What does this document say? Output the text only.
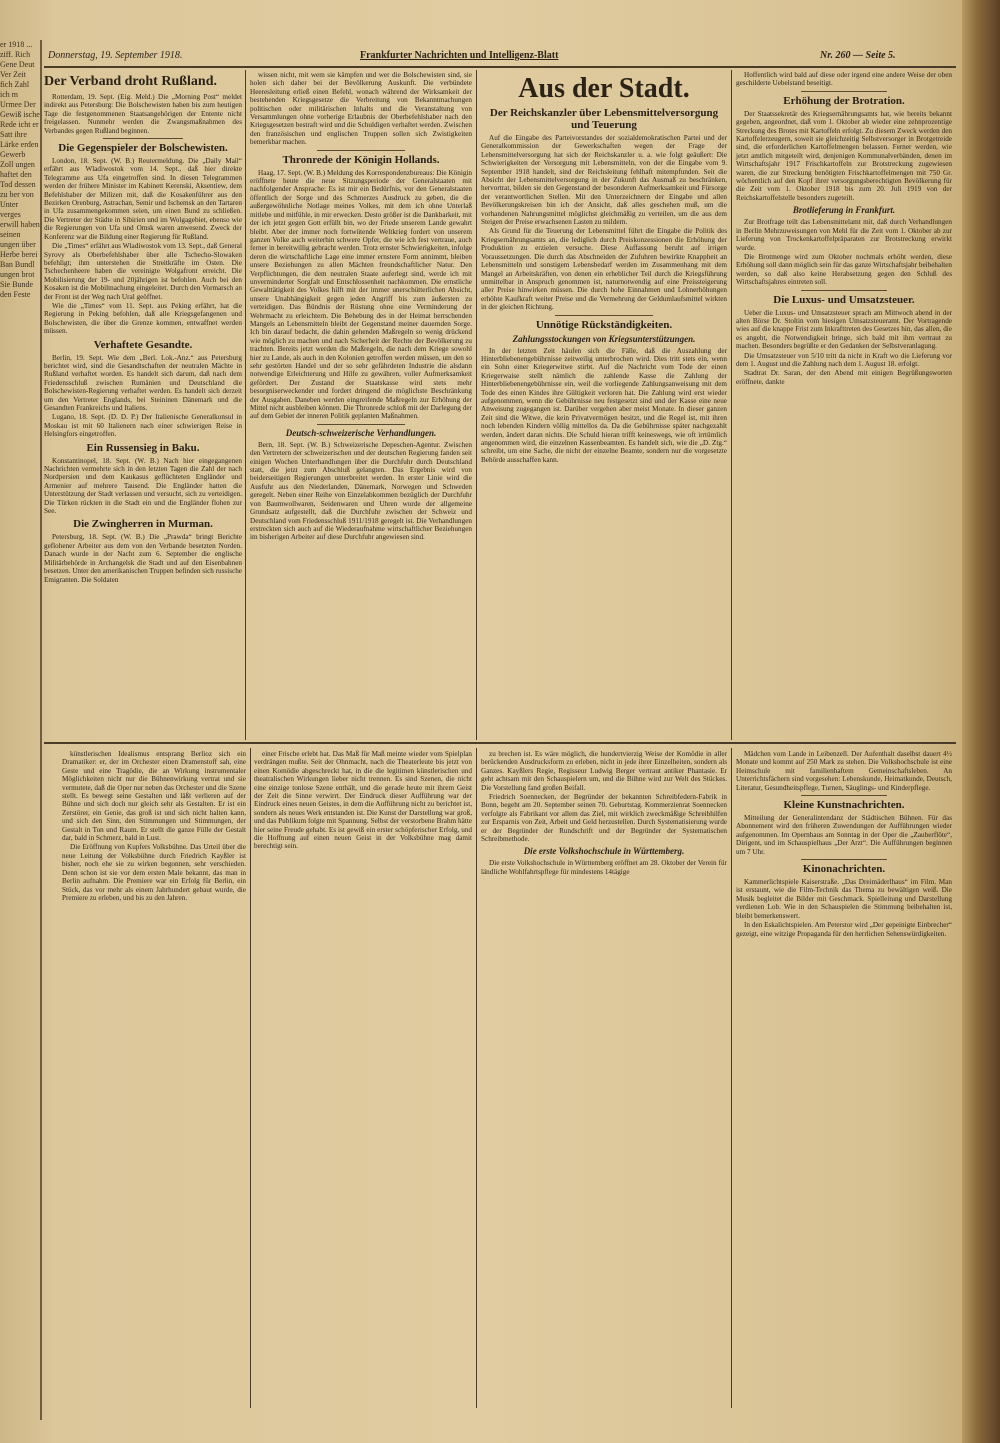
er 1918 ... ziff. Rich Gene Deut Ver Zeit fich Zahl ich m Urmee Der Gewiß ische Rede icht er Satt ihre Lärke erden Gewerb Zoll ungen haftet den Tod dessen zu ber von Unter verges erwill haben seinen ungen über Herbe berei Ban Bundl ungen brot Sie Bunde den Feste
Donnerstag, 19. September 1918.	Frankfurter Nachrichten und Intelligenz-Blatt	Nr. 260 — Seite 5.
Der Verband droht Rußland.

Rotterdam, 19. Sept. (Eig. Meld.) Die „Morning Post“ meldet indirekt aus Petersburg: Die Bolschewisten haben bis zum heutigen Tage die festgenommenen Staatsangehörigen der Entente nicht freigelassen. Nunmehr werden die Zwangsmaßnahmen des Verbandes gegen Rußland beginnen.

Die Gegenspieler der Bolschewisten.

London, 18. Sept. (W. B.) Reutermeldung. Die „Daily Mail“ erfährt aus Wladiwostok vom 14. Sept., daß hier direkte Telegramme aus Ufa eingetroffen sind. In diesen Telegrammen werden der frühere Minister im Kabinett Kerenski, Aksentiew, dem Befehlshaber der Milizen mit, daß die Kosakenführer aus den Bezirken Orenburg, Astrachan, Semir und Ischemsk an den Tartaren in Ufa zusammengekommen seien, um einen Bund zu schließen. Die Vertreter der Städte in Sibirien und im Wolgagebiet, ebenso wie die Regierungen von Ufa und Omsk waren anwesend. Zweck der Konferenz war die Bildung einer Regierung für Rußland.

Die „Times“ erfährt aus Wladiwostok vom 13. Sept., daß General Syrovy als Oberbefehlshaber über alle Tschecho-Slowaken befehligt; ihm unterstehen die Streitkräfte im Osten. Die Tschechenheere haben die vereinigte Wolgafront erreicht. Die Mobilisierung der 19- und 20jährigen ist befohlen. Auch bei den Kosaken ist die Mobilmachung eingeleitet. Durch den Vormarsch an der Front ist der Weg nach Ural geöffnet.

Wie die „Times“ vom 11. Sept. aus Peking erfährt, hat die Regierung in Peking befohlen, daß alle Kriegsgefangenen und Bolschewisten, die über die Grenze kommen, entwaffnet werden müssen.

Verhaftete Gesandte.

Berlin, 19. Sept. Wie dem „Berl. Lok.-Anz.“ aus Petersburg berichtet wird, sind die Gesandtschaften der neutralen Mächte in Rußland verhaftet worden. Es handelt sich darum, daß nach dem Friedensschluß zwischen Rumänien und Deutschland die Bolschewisten-Regierung verhaftet werden. Es handelt sich derzeit um den Vertreter Englands, bei Steininen Dänemark und die Gesandten Frankreichs und Italiens.

Lugano, 18. Sept. (D. D. P.) Der Italienische Generalkonsul in Moskau ist mit 60 Italienern nach einer schwierigen Reise in Helsingfors eingetroffen.

Ein Russensieg in Baku.

Konstantinopel, 18. Sept. (W. B.) Nach hier eingegangenen Nachrichten vermehrte sich in den letzten Tagen die Zahl der nach Nordpersien und dem Kaukasus geflüchteten Engländer und Armenier auf mehrere Tausend. Die Engländer hatten die Unterstützung der Stadt verlassen und versucht, sich zu verteidigen. Die Türken rückten in die Stadt ein und die Engländer flohen zur See.

Die Zwingherren in Murman.

Petersburg, 18. Sept. (W. B.) Die „Prawda“ bringt Berichte geflohener Arbeiter aus dem von den Verbande besetzten Norden. Danach wurde in der Nacht zum 6. September die englische Militärbehörde in Archangelsk die Stadt und auf den Eisenbahnen besetzen. Unter den amerikanischen Truppen befinden sich russische Emigranten. Die Soldaten

wissen nicht, mit wem sie kämpfen und wer die Bolschewisten sind, sie holen sich daher bei der Bevölkerung Auskunft. Die verbündete Heeresleitung erließ einen Befehl, wonach während der Wirksamkeit der bestehenden Kriegsgesetze die Verbreitung von Bekanntmachungen politischen oder militärischen Inhalts und die Veranstaltung von Versammlungen ohne vorherige Erlaubnis der Oberbefehlshaber nach den Kriegsgesetzen bestraft wird und die Schuldigen verhaftet werden. Zwischen den französischen und englischen Truppen sollen sich Zwistigkeiten bemerkbar machen.

Thronrede der Königin Hollands.

Haag, 17. Sept. (W. B.) Meldung des Korrespondenzbureaus: Die Königin eröffnete heute die neue Sitzungsperiode der Generalstaaten mit nachfolgender Ansprache: Es ist mir ein Bedürfnis, vor den Generalstaaten öffentlich der Sorge und des Schmerzes Ausdruck zu geben, die die außergewöhnliche Notlage meines Volkes, mit dem ich ohne Unterlaß mitlebe und mitfühle, in mir erwecken. Desto größer ist die Dankbarkeit, mit der ich jetzt gegen Gott erfüllt bin, wo der Friede unserem Lande gewahrt bleibt. Aber der immer noch fortwütende Weltkrieg fordert von unserem ganzen Volke auch weiterhin schwere Opfer, die wie ich fest vertraue, auch ferner in bereitwillig gebracht werden. Trotz ernster Schwierigkeiten, infolge deren die wirtschaftliche Lage eine immer ernstere Form annimmt, bleiben unsere Beziehungen zu allen Mächten freundschaftlicher Natur. Den Verpflichtungen, die dem neutralen Staate auferlegt sind, werde ich mit unverminderter Sorgfalt und Entschlossenheit nachkommen. Die ernstliche Gewalttätigkeit des Volkes hilft mit der immer unerschütterlichen Absicht, unsere Unabhängigkeit gegen jeden Angriff bis zum äußersten zu verteidigen. Das Bündnis der Rüstung ohne eine Verminderung der Wehrmacht zu erleichtern. Die Behebung des in der Heimat herrschenden Mangels an Lebensmitteln bleibt der Gegenstand meiner dauernden Sorge. Ich bin darauf bedacht, die dahin gehenden Maßregeln so wenig drückend wie möglich zu machen und nach Sicherheit der Rechte der Bevölkerung zu trachten. Bereits jetzt werden die Maßregeln, die nach dem Kriege sowohl hier zu Lande, als auch in den Kolonien getroffen werden müssen, um den so sehr gestörten Handel und der so sehr gefährdeten Industrie die alsdann notwendige Erleichterung und Hilfe zu gewähren, voller Aufmerksamkeit gefördert. Der Zustand der Staatskasse wird stets mehr besorgniserweckender und fordert dringend die möglichste Beschränkung der Ausgaben. Daneben werden eingreifende Maßregeln zur Erhöhung der Mittel nicht ausbleiben können. Die Thronrede schloß mit der Darlegung der auf dem Gebiet der inneren Politik geplanten Maßnahmen.

Deutsch-schweizerische Verhandlungen.

Bern, 18. Sept. (W. B.) Schweizerische Depeschen-Agentur. Zwischen den Vertretern der schweizerischen und der deutschen Regierung fanden seit einigen Wochen Unterhandlungen über die Durchfuhr durch Deutschland statt, die jetzt zum Abschluß gelangten. Das Ergebnis wird von beiderseitigen Regierungen unterbreitet werden. In erster Linie wird die Ausfuhr aus den Niederlanden, Dänemark, Norwegen und Schweden geregelt. Neben einer Reihe von Einzelabkommen bezüglich der Durchfuhr von Baumwollwaren, Seidenwaren und Uhren wurde der allgemeine Grundsatz aufgestellt, daß die Durchfuhr zwischen der Schweiz und Deutschland vom Friedensschluß 1911/1918 geregelt ist. Die Verhandlungen erstreckten sich auch auf die Wiederaufnahme wirtschaftlicher Beziehungen im bisherigen Arbeiter auf diese Durchfuhr angewiesen sind.

Aus der Stadt.
Der Reichskanzler über Lebensmittelversorgung und Teuerung

Auf die Eingabe des Parteivorstandes der sozialdemokratischen Partei und der Generalkommission der Gewerkschaften wegen der Frage der Lebensmittelversorgung hat sich der Reichskanzler u. a. wie folgt geäußert: Die Schwierigkeiten der Versorgung mit Lebensmitteln, von der die Eingabe vom 9. September 1918 handelt, sind der Reichsleitung fehlhaft mitempfunden. Seit die Absicht der Lebensmittelversorgung in der Zukunft das Ausmaß zu beschränken, hervortrat, bilden sie den Gegenstand der besonderen Aufmerksamkeit und Fürsorge der verantwortlichen Stellen. Mit den Unterzeichnern der Eingabe und allen Bevölkerungskreisen bin ich der Ansicht, daß alles geschehen muß, um die vorhandenen Nahrungsmittel möglichst gleichmäßig zu verteilen, um die aus dem Steigen der Preise erwachsenen Lasten zu mildern.

Als Grund für die Teuerung der Lebensmittel führt die Eingabe die Politik des Kriegsernährungsamts an, die lediglich durch Preiskonzessionen die Erhöhung der Produktion zu erzielen versuche. Diese Auffassung beruht auf irrigen Voraussetzungen. Die durch das Abschneiden der Zufuhren bewirkte Knappheit an Lebensmitteln und sonstigem Lebensbedarf werden im Zusammenhang mit dem Mangel an Arbeitskräften, von denen ein erheblicher Teil durch die Kriegsführung unmittelbar in Anspruch genommen ist, naturnotwendig auf eine Preissteigerung aller Preise hinwirken müssen. Die durch hohe Einnahmen und Lohnerhöhungen erhöhte Kaufkraft weiter Preise und die Vermehrung der Geldumlaufsmittel wirkten in der gleichen Richtung.

Unnötige Rückständigkeiten.
Zahlungsstockungen von Kriegsunterstützungen.

In der letzten Zeit häufen sich die Fälle, daß die Auszahlung der Hinterbliebenengebührnisse zeitweilig unterbrochen wird. Dies tritt stets ein, wenn ein Sohn einer Kriegerwitwe stirbt. Auf die Nachricht vom Tode der einen Kriegerwaise stellt nämlich die zahlende Kasse die Zahlung der Hinterbliebenengebührnisse ein, weil die vorliegende Zahlungsanweisung mit dem Tode des einen Kindes ihre Gültigkeit verloren hat. Die Zahlung wird erst wieder aufgenommen, wenn die Gebührnisse neu festgesetzt sind und der Kasse eine neue Anweisung zugegangen ist. Darüber vergehen aber meist Monate. In dieser ganzen Zeit sind die Witwe, die kein Privatvermögen besitzt, und die Regel ist, mit ihren noch lebenden Kindern völlig mittellos da. Da die Gebührnisse später nachgezahlt werden, ändert daran nichts. Die Schuld hieran trifft keineswegs, wie oft irrtümlich angenommen wird, die einzelnen Kassenbeamten. Es handelt sich, wie die „D. Ztg.“ schreibt, um eine Sache, die nicht der einzelne Beamte, sondern nur die vorgesetzte Behörde ausschaffen kann.

Hoffentlich wird bald auf diese oder irgend eine andere Weise der oben geschilderte Uebelstand beseitigt.

Erhöhung der Brotration.

Der Staatssekretär des Kriegsernährungsamts hat, wie bereits bekannt gegeben, angeordnet, daß vom 1. Oktober ab wieder eine zehnprozentige Streckung des Brotes mit Kartoffeln erfolgt. Zu diesem Zweck werden den Kartoffelerzeugern, soweit sie gleichzeitig Selbstversorger in Brotgetreide sind, die erforderlichen Kartoffelmengen belassen. Ferner werden, wie jetzt amtlich mitgeteilt wird, denjenigen Kommunalverbänden, denen im Wirtschaftsjahr 1917 Frischkartoffeln zur Brotstreckung zugewiesen waren, die zur Streckung benötigten Frischkartoffelmengen mit 750 Gr. wöchentlich auf den Kopf ihrer versorgungsberechtigten Bevölkerung für die Zeit vom 1. Oktober 1918 bis zum 20. Juli 1919 von der Reichskartoffelstelle besonders zugeteilt.

Brotlieferung in Frankfurt.

Zur Brotfrage teilt das Lebensmittelamt mit, daß durch Verhandlungen in Berlin Mehrzuweisungen von Mehl für die Zeit vom 1. Oktober ab zur Lieferung von Trockenkartoffelpräparaten zur Brotstreckung erwirkt wurde.

Die Brotmenge wird zum Oktober nochmals erhöht werden, diese Erhöhung soll dann möglich sein für das ganze Wirtschaftsjahr beibehalten werden, so daß also keine Herabsetzung gegen den Schluß des Wirtschaftsjahres eintreten soll.

Die Luxus- und Umsatzsteuer.

Ueber die Luxus- und Umsatzsteuer sprach am Mittwoch abend in der alten Börse Dr. Stoltin vom hiesigen Umsatzsteueramt. Der Vortragende wies auf die knappe Frist zum Inkrafttreten des Gesetzes hin, das allen, die es angeht, die Notwendigkeit bringe, sich bald mit ihm vertraut zu machen. Besonders begrüßte er den Gedanken der Selbstveranlagung.

Die Umsatzsteuer von 5/10 tritt da nicht in Kraft wo die Lieferung vor dem 1. August und die Zahlung nach dem 1. August 18. erfolgt.

Stadtrat Dr. Saran, der den Abend mit einigen Begrüßungsworten eröffnete, dankte

künstlerischen Idealismus entsprang Berlioz sich ein Dramatiker: er, der im Orchester einen Dramenstoff sah, eine Geste und eine Tragödie, die an Wirkung instrumentaler Möglichkeiten nicht nur die Bühnenwirkung vertrat und sie vermutete, daß die Oper nur neben das Orchester und die Szene stellt. Es bewegt seine Gestalten und läßt verlieren auf der Bühne und sich doch nur gleich sehr als Gestalten. Er ist ein Zerstörer, ein Genie, das groß ist und sich nicht halten kann, und sich den Sinn, den Stimmungen und Stimmungen, der Gestalt in Ton und Raum. Er stellt die ganze Fülle der Gestalt dar, bald in Schmerz, bald in Lust.

Die Eröffnung von Kupfers Volksbühne. Das Urteil über die neue Leitung der Volksbühne durch Friedrich Kayßler ist bisher, noch ehe sie zu wirken begonnen, sehr verschieden. Denn schon ist sie vor dem ersten Male bekannt, das man in Berlin aufnahm. Die Premiere war ein Erfolg für Berlin, ein Stück, das vor mehr als einem Jahrhundert gebaut wurde, die Premiere zu erleben, und bis zu den Jahren.

einer Frische erlebt hat. Das Maß für Maß meinte wieder vom Spielplan verdrängen mußte. Seit der Ohnmacht, nach die Theaterleute bis jetzt von einen Komödie abgeschreckt hat, in die die legitimen künstlerischen und theatralischen Wirkungen lieber nicht trennen. Es sind Szenen, die nicht eine einzige tonlose Szene enthält, und die gerade heute mit ihrem Geist der Zeit die Sinne verwirrt. Der Eindruck dieser Aufführung war der Eindruck eines neuen Geistes, in dem die Aufführung nicht zu berichtet ist, sondern als neues Werk entstanden ist. Die Kunst der Darstellung war groß, und das Publikum folgte mit Spannung. Selbst der verstorbene Brahm hätte hier seine Freude gehabt. Es ist gewiß ein erster schöpferischer Erfolg, und die Hoffnung auf einen neuen Geist in der Volksbühne mag damit berechtigt sein.

zu brechen ist. Es wäre möglich, die hundertvierzig Weise der Komödie in aller berückenden Ausdrucksform zu erleben, nicht in jede ihrer Einzelheiten, sondern als Ganzes. Kayßlers Regie, Regisseur Ludwig Berger vertraut antiker Phantasie. Er geht achtsam mit den Schauspielern um, und die Bühne wird zur Welt des Stückes. Die Vorstellung fand großen Beifall.

Friedrich Soennecken, der Begründer der bekannten Schreibfedern-Fabrik in Bonn, begeht am 20. September seinen 70. Geburtstag. Kommerzienrat Soennecken verfolgte als Fabrikant vor allem das Ziel, mit wirklich zweckmäßige Schreibhilfen zur Ersparnis von Zeit, Arbeit und Geld herzustellen. Durch Systematisierung wurde er der Begründer der Rundschrift und der Begründer der Systematischen Schreibmethode.

Die erste Volkshochschule in Württemberg.

Die erste Volkshochschule in Württemberg eröffnet am 28. Oktober der Verein für ländliche Wohlfahrtspflege für mindestens 14tägige

Mädchen vom Lande in Leibenzell. Der Aufenthalt daselbst dauert 4½ Monate und kommt auf 250 Mark zu stehen. Die Volkshochschule ist eine Heimschule mit familienhaftem Gemeinschaftsleben. An Unterrichtsfächern sind vorgesehen: Lebenskunde, Heimatkunde, Deutsch, Literatur, Gesundheitspflege, Turnen, Säuglings- und Kinderpflege.

Kleine Kunstnachrichten.

Mitteilung der Generalintendanz der Städtischen Bühnen. Für das Abonnement wird den früheren Zuwendungen der Aufführungen wieder aufgenommen. Im Opernhaus am Sonntag in der Oper die „Zauberflöte“, Dirigent, und im Schauspielhaus „Der Arzt“. Die Aufführungen beginnen um 7 Uhr.

Kinonachrichten.

Kammerlichtspiele Kaiserstraße. „Das Dreimäderlhaus“ im Film. Man ist erstaunt, wie die Film-Technik das Thema zu bewältigen weiß. Die Musik begleitet die Bilder mit Geschmack. Spielleitung und Darstellung verdienen Lob. Wie in den Schauspielen die Stimmung beibehalten ist, bleibt bemerkenswert.

In den Eskalichtspielen. Am Peterstor wird „Der gepeinigte Einbrecher“ gezeigt, eine witzige Propaganda für den herrlichen Sehenswürdigkeiten.
